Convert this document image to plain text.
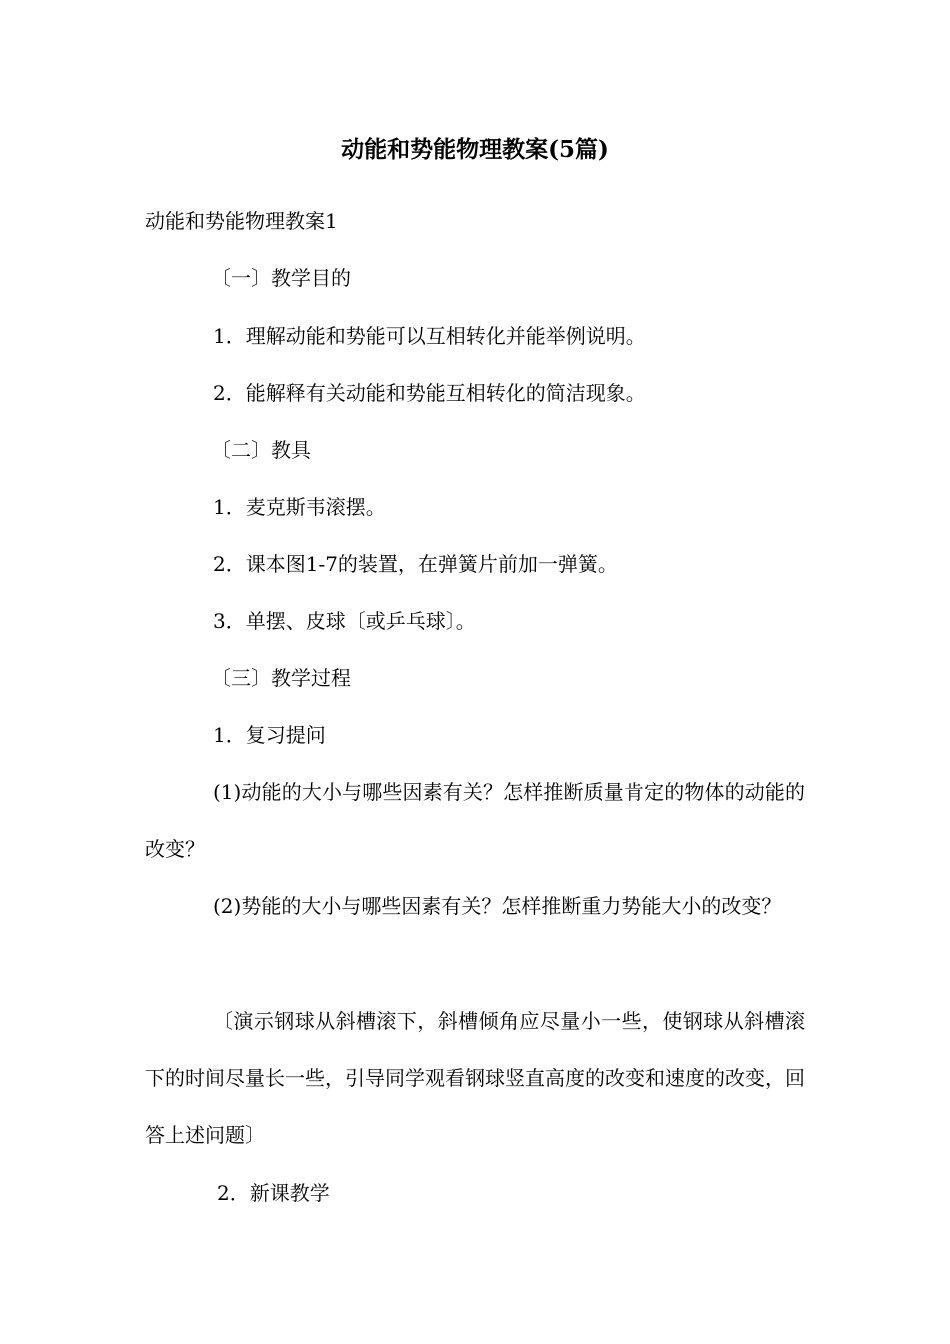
动能和势能物理教案(5篇)
动能和势能物理教案1
〔一〕教学目的
1．理解动能和势能可以互相转化并能举例说明。
2．能解释有关动能和势能互相转化的简洁现象。
〔二〕教具
1．麦克斯韦滚摆。
2．课本图1-7的装置，在弹簧片前加一弹簧。
3．单摆、皮球〔或乒乓球〕。
〔三〕教学过程
1．复习提问
(1)动能的大小与哪些因素有关？怎样推断质量肯定的物体的动能的改变？
(2)势能的大小与哪些因素有关？怎样推断重力势能大小的改变？
〔演示钢球从斜槽滚下，斜槽倾角应尽量小一些，使钢球从斜槽滚下的时间尽量长一些，引导同学观看钢球竖直高度的改变和速度的改变，回答上述问题〕
2．新课教学
